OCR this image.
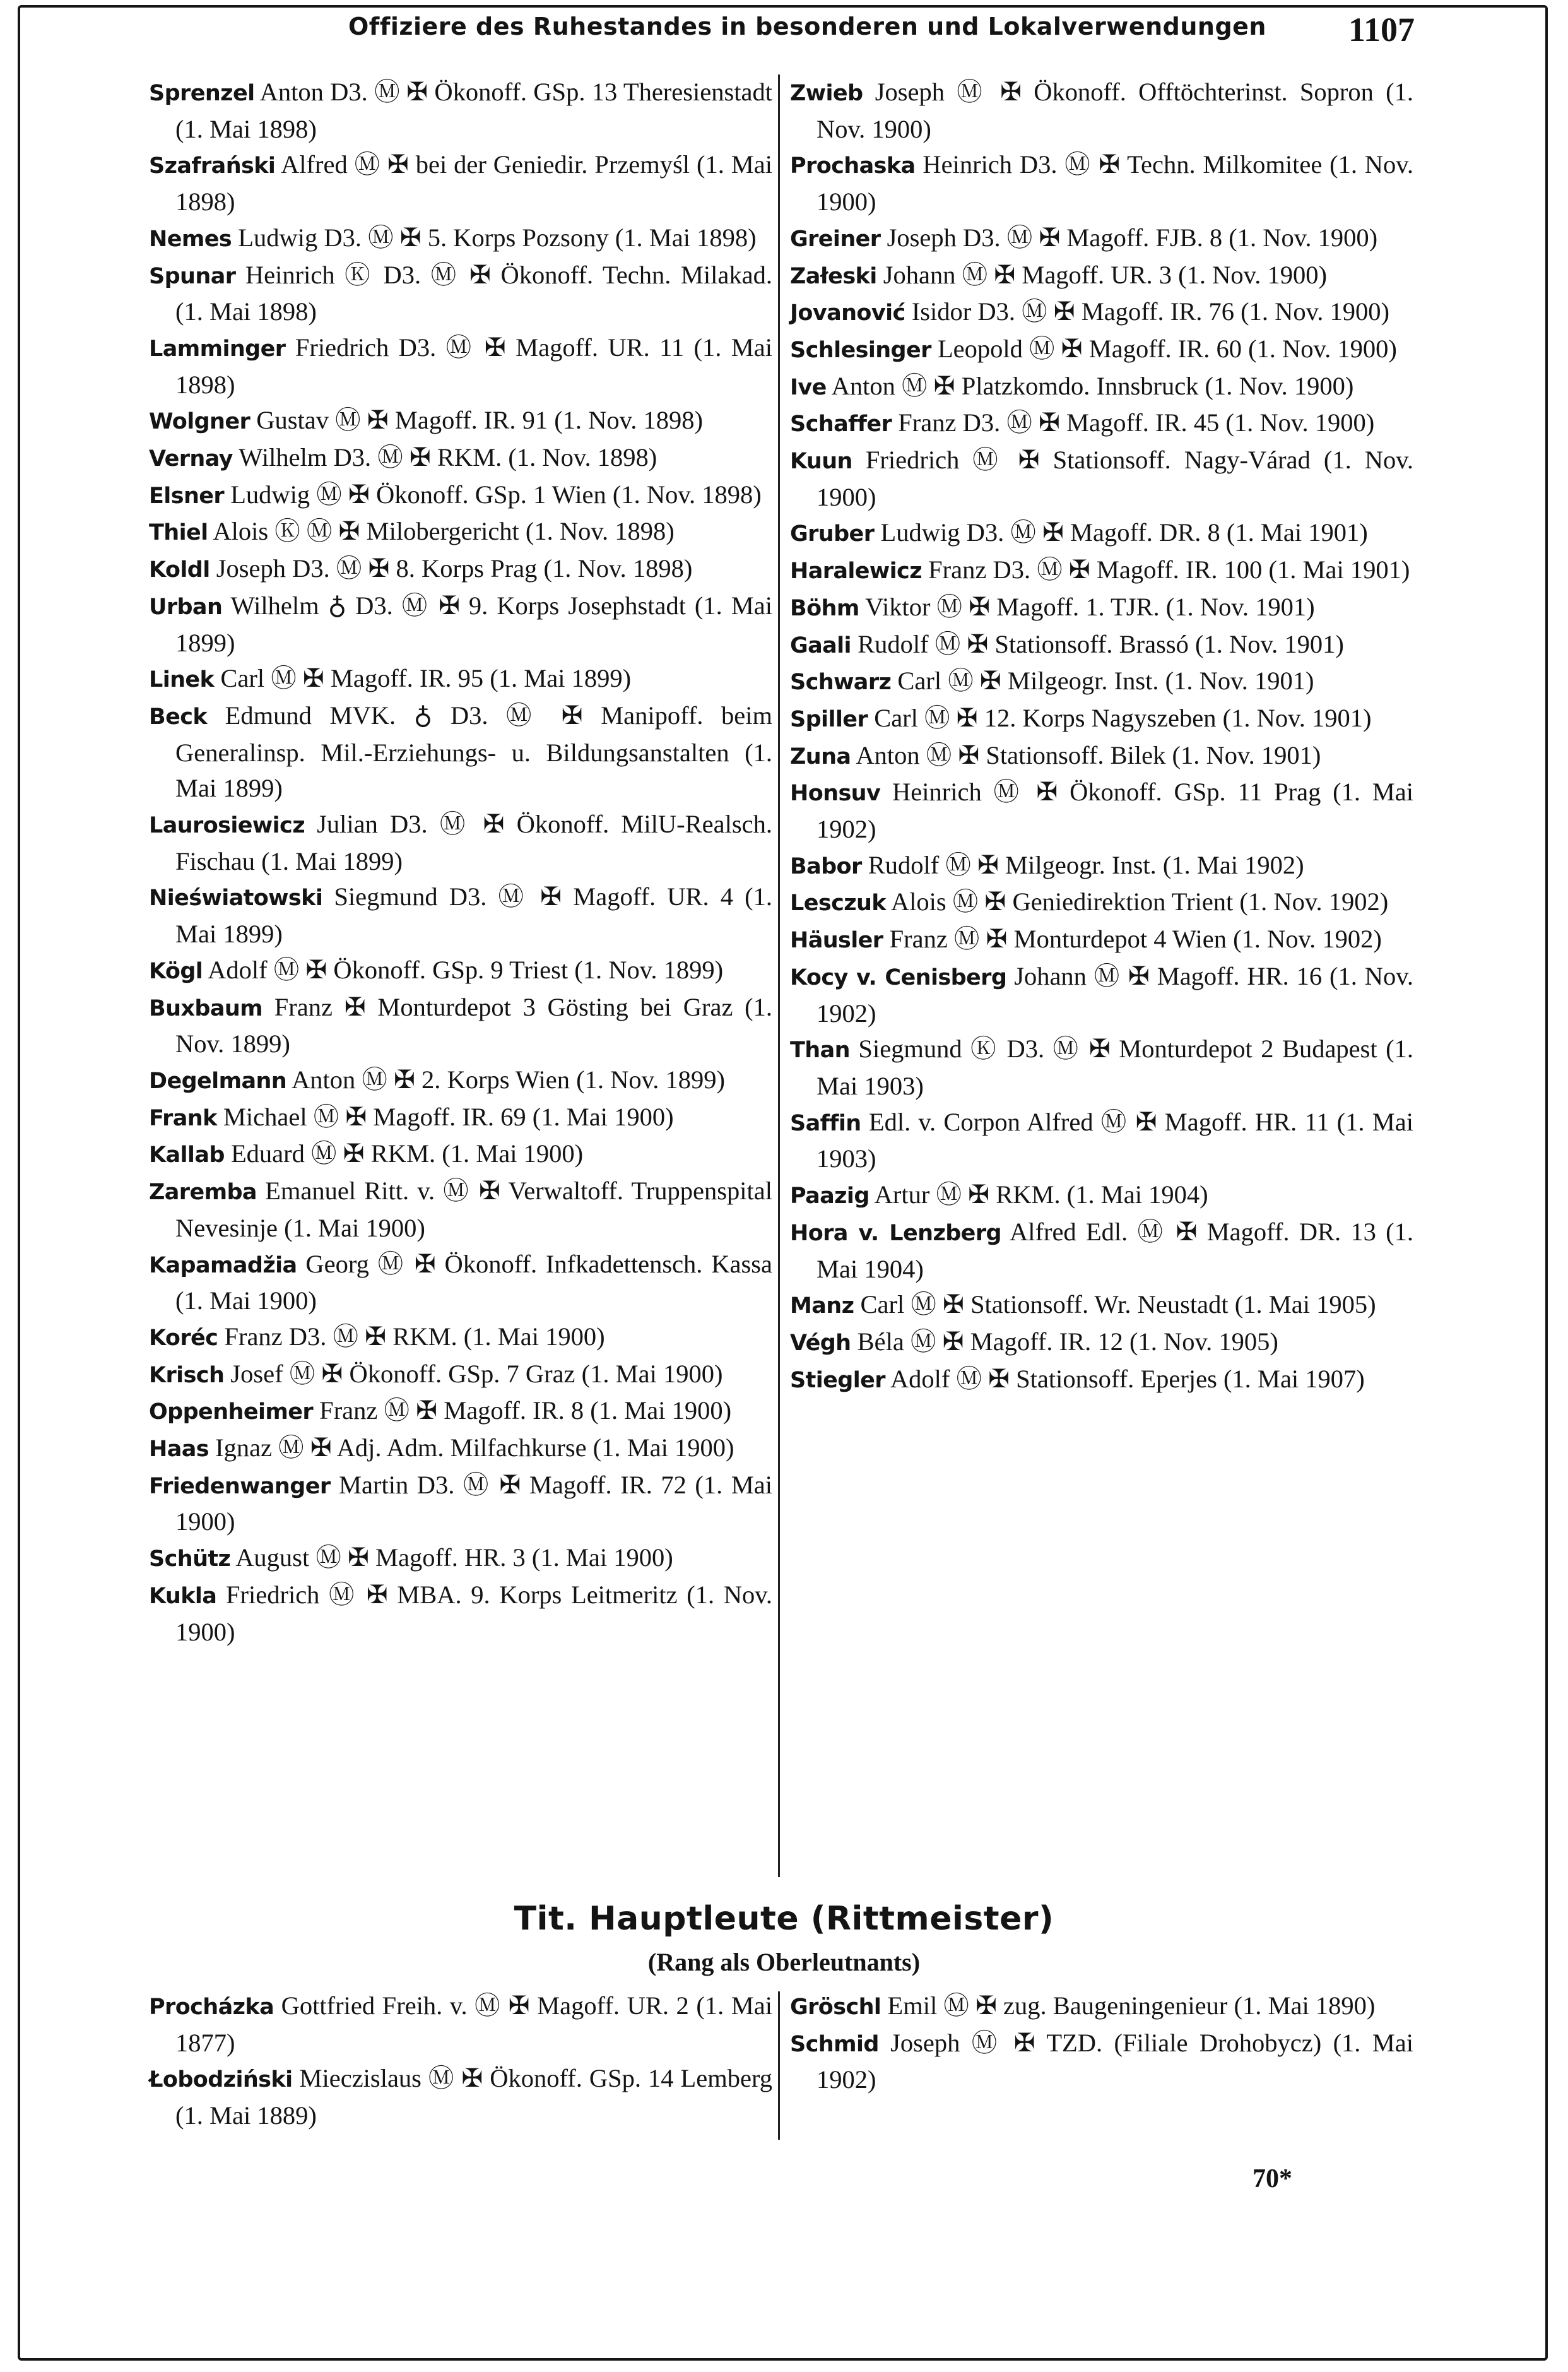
Offiziere des Ruhestandes in besonderen und Lokalverwendungen 1107
Sprenzel Anton D3. Ⓜ ✠ Ökonoff. GSp. 13 Theresienstadt (1. Mai 1898)
Szafrański Alfred Ⓜ ✠ bei der Geniedir. Przemyśl (1. Mai 1898)
Nemes Ludwig D3. Ⓜ ✠ 5. Korps Pozsony (1. Mai 1898)
Spunar Heinrich Ⓚ D3. Ⓜ ✠ Ökonoff. Techn. Milakad. (1. Mai 1898)
Lamminger Friedrich D3. Ⓜ ✠ Magoff. UR. 11 (1. Mai 1898)
Wolgner Gustav Ⓜ ✠ Magoff. IR. 91 (1. Nov. 1898)
Vernay Wilhelm D3. Ⓜ ✠ RKM. (1. Nov. 1898)
Elsner Ludwig Ⓜ ✠ Ökonoff. GSp. 1 Wien (1. Nov. 1898)
Thiel Alois Ⓚ Ⓜ ✠ Milobergericht (1. Nov. 1898)
Koldl Joseph D3. Ⓜ ✠ 8. Korps Prag (1. Nov. 1898)
Urban Wilhelm ♁ D3. Ⓜ ✠ 9. Korps Josephstadt (1. Mai 1899)
Linek Carl Ⓜ ✠ Magoff. IR. 95 (1. Mai 1899)
Beck Edmund MVK. ♁ D3. Ⓜ ✠ Manipoff. beim Generalinsp. Mil.-Erziehungs- u. Bildungsanstalten (1. Mai 1899)
Laurosiewicz Julian D3. Ⓜ ✠ Ökonoff. MilU-Realsch. Fischau (1. Mai 1899)
Nieświatowski Siegmund D3. Ⓜ ✠ Magoff. UR. 4 (1. Mai 1899)
Kögl Adolf Ⓜ ✠ Ökonoff. GSp. 9 Triest (1. Nov. 1899)
Buxbaum Franz ✠ Monturdepot 3 Gösting bei Graz (1. Nov. 1899)
Degelmann Anton Ⓜ ✠ 2. Korps Wien (1. Nov. 1899)
Frank Michael Ⓜ ✠ Magoff. IR. 69 (1. Mai 1900)
Kallab Eduard Ⓜ ✠ RKM. (1. Mai 1900)
Zaremba Emanuel Ritt. v. Ⓜ ✠ Verwaltoff. Truppenspital Nevesinje (1. Mai 1900)
Kapamadžia Georg Ⓜ ✠ Ökonoff. Infkadettensch. Kassa (1. Mai 1900)
Koréc Franz D3. Ⓜ ✠ RKM. (1. Mai 1900)
Krisch Josef Ⓜ ✠ Ökonoff. GSp. 7 Graz (1. Mai 1900)
Oppenheimer Franz Ⓜ ✠ Magoff. IR. 8 (1. Mai 1900)
Haas Ignaz Ⓜ ✠ Adj. Adm. Milfachkurse (1. Mai 1900)
Friedenwanger Martin D3. Ⓜ ✠ Magoff. IR. 72 (1. Mai 1900)
Schütz August Ⓜ ✠ Magoff. HR. 3 (1. Mai 1900)
Kukla Friedrich Ⓜ ✠ MBA. 9. Korps Leitmeritz (1. Nov. 1900)
Zwieb Joseph Ⓜ ✠ Ökonoff. Offtöchterinst. Sopron (1. Nov. 1900)
Prochaska Heinrich D3. Ⓜ ✠ Techn. Milkomitee (1. Nov. 1900)
Greiner Joseph D3. Ⓜ ✠ Magoff. FJB. 8 (1. Nov. 1900)
Załeski Johann Ⓜ ✠ Magoff. UR. 3 (1. Nov. 1900)
Jovanović Isidor D3. Ⓜ ✠ Magoff. IR. 76 (1. Nov. 1900)
Schlesinger Leopold Ⓜ ✠ Magoff. IR. 60 (1. Nov. 1900)
Ive Anton Ⓜ ✠ Platzkomdo. Innsbruck (1. Nov. 1900)
Schaffer Franz D3. Ⓜ ✠ Magoff. IR. 45 (1. Nov. 1900)
Kuun Friedrich Ⓜ ✠ Stationsoff. Nagy-Várad (1. Nov. 1900)
Gruber Ludwig D3. Ⓜ ✠ Magoff. DR. 8 (1. Mai 1901)
Haralewicz Franz D3. Ⓜ ✠ Magoff. IR. 100 (1. Mai 1901)
Böhm Viktor Ⓜ ✠ Magoff. 1. TJR. (1. Nov. 1901)
Gaali Rudolf Ⓜ ✠ Stationsoff. Brassó (1. Nov. 1901)
Schwarz Carl Ⓜ ✠ Milgeogr. Inst. (1. Nov. 1901)
Spiller Carl Ⓜ ✠ 12. Korps Nagyszeben (1. Nov. 1901)
Zuna Anton Ⓜ ✠ Stationsoff. Bilek (1. Nov. 1901)
Honsuv Heinrich Ⓜ ✠ Ökonoff. GSp. 11 Prag (1. Mai 1902)
Babor Rudolf Ⓜ ✠ Milgeogr. Inst. (1. Mai 1902)
Lesczuk Alois Ⓜ ✠ Geniedirektion Trient (1. Nov. 1902)
Häusler Franz Ⓜ ✠ Monturdepot 4 Wien (1. Nov. 1902)
Kocy v. Cenisberg Johann Ⓜ ✠ Magoff. HR. 16 (1. Nov. 1902)
Than Siegmund Ⓚ D3. Ⓜ ✠ Monturdepot 2 Budapest (1. Mai 1903)
Saffin Edl. v. Corpon Alfred Ⓜ ✠ Magoff. HR. 11 (1. Mai 1903)
Paazig Artur Ⓜ ✠ RKM. (1. Mai 1904)
Hora v. Lenzberg Alfred Edl. Ⓜ ✠ Magoff. DR. 13 (1. Mai 1904)
Manz Carl Ⓜ ✠ Stationsoff. Wr. Neustadt (1. Mai 1905)
Végh Béla Ⓜ ✠ Magoff. IR. 12 (1. Nov. 1905)
Stiegler Adolf Ⓜ ✠ Stationsoff. Eperjes (1. Mai 1907)
Tit. Hauptleute (Rittmeister)
(Rang als Oberleutnants)
Procházka Gottfried Freih. v. Ⓜ ✠ Magoff. UR. 2 (1. Mai 1877)
Łobodziński Mieczislaus Ⓜ ✠ Ökonoff. GSp. 14 Lemberg (1. Mai 1889)
Gröschl Emil Ⓜ ✠ zug. Baugeningenieur (1. Mai 1890)
Schmid Joseph Ⓜ ✠ TZD. (Filiale Drohobycz) (1. Mai 1902)
70*
